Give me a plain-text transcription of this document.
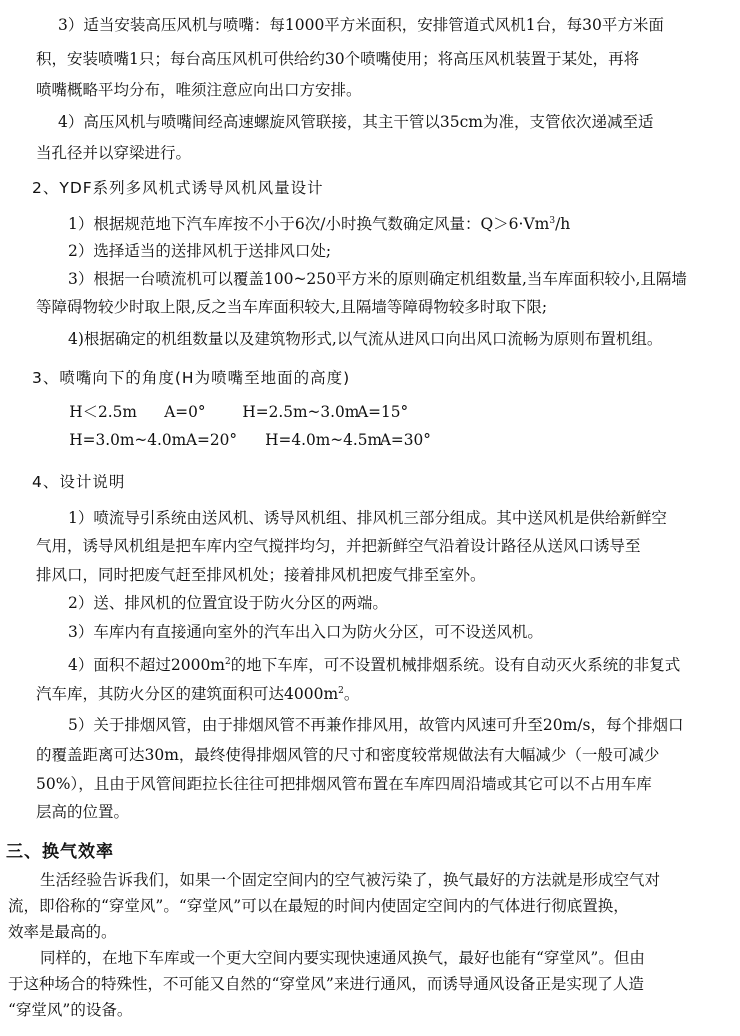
3）适当安装高压风机与喷嘴：每1000平方米面积，安排管道式风机1台，每30平方米面
积，安装喷嘴1只；每台高压风机可供给约30个喷嘴使用；将高压风机装置于某处，再将
喷嘴概略平均分布，唯须注意应向出口方安排。
4）高压风机与喷嘴间经高速螺旋风管联接，其主干管以35cm为准，支管依次递减至适
当孔径并以穿梁进行。
2、YDF系列多风机式诱导风机风量设计
1）根据规范地下汽车库按不小于6次/小时换气数确定风量：$Q>6\cdot Vm^3/h$
2）选择适当的送排风机于送排风口处;
3）根据一台喷流机可以覆盖100~250平方米的原则确定机组数量,当车库面积较小,且隔墙
等障碍物较少时取上限,反之当车库面积较大,且隔墙等障碍物较多时取下限;
4)根据确定的机组数量以及建筑物形式,以气流从进风口向出风口流畅为原则布置机组。
3、喷嘴向下的角度(H为喷嘴至地面的高度)
H＜2.5m A=0° H=2.5m~3.0m
A=15°
H=3.0m~4.0m A=20° H=4.0m~4.5m
A=30°
4、设计说明
1）喷流导引系统由送风机、诱导风机组、排风机三部分组成。其中送风机是供给新鲜空
气用，诱导风机组是把车库内空气搅拌均匀，并把新鲜空气沿着设计路径从送风口诱导至
排风口，同时把废气赶至排风机处；接着排风机把废气排至室外。
2）送、排风机的位置宜设于防火分区的两端。
3）车库内有直接通向室外的汽车出入口为防火分区，可不设送风机。
4）面积不超过$2000m^2$的地下车库，可不设置机械排烟系统。设有自动灭火系统的非复式
汽车库，其防火分区的建筑面积可达$4000m^2$。
5）关于排烟风管，由于排烟风管不再兼作排风用，故管内风速可升至20m/s，每个排烟口
的覆盖距离可达30m，最终使得排烟风管的尺寸和密度较常规做法有大幅减少（一般可减少
50%），且由于风管间距拉长往往可把排烟风管布置在车库四周沿墙或其它可以不占用车库
层高的位置。
三、换气效率
生活经验告诉我们，如果一个固定空间内的空气被污染了，换气最好的方法就是形成空气对
流，即俗称的“穿堂风”。“穿堂风”可以在最短的时间内使固定空间内的气体进行彻底置换，
效率是最高的。
同样的，在地下车库或一个更大空间内要实现快速通风换气，最好也能有“穿堂风”。但由
于这种场合的特殊性，不可能又自然的“穿堂风”来进行通风，而诱导通风设备正是实现了人造
“穿堂风”的设备。
